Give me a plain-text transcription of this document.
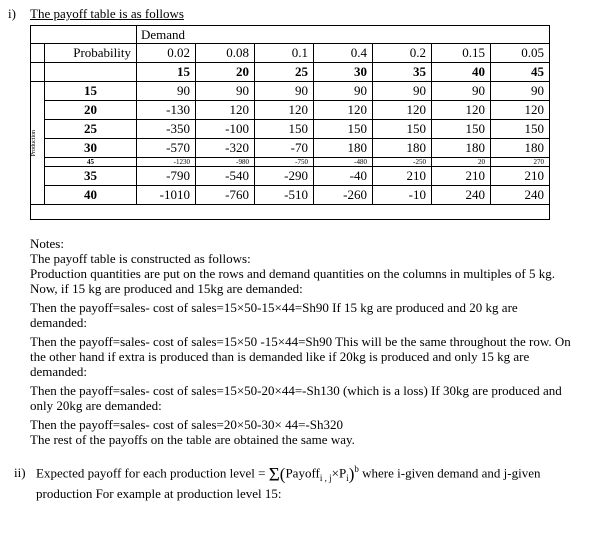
i)	The payoff table is as follows
		Demand						
	Probability	0.02	0.08	0.1	0.4	0.2	0.15	0.05
		15	20	25	30	35	40	45

Production	15	90	90	90	90	90	90	90
	20	-130	120	120	120	120	120	120
	25	-350	-100	150	150	150	150	150
	30	-570	-320	-70	180	180	180	180
	45	-1230	-980	-750	-480	-250	20	270
	35	-790	-540	-290	-40	210	210	210
	40	-1010	-760	-510	-260	-10	240	240

Notes:

The payoff table is constructed as follows:

Production quantities are put on the rows and demand quantities on the columns in multiples of 5 kg.

Now, if 15 kg are produced and 15kg are demanded:

Then the payoff=sales- cost of sales=15×50-15×44=Sh90 If 15 kg are produced and 20 kg are demanded:

Then the payoff=sales- cost of sales=15×50 -15×44=Sh90 This will be the same throughout the row. On the other hand if extra is produced than is demanded like if 20kg is produced and only 15 kg are demanded:

Then the payoff=sales- cost of sales=15×50-20×44=-Sh130 (which is a loss) If 30kg are produced and only 20kg are demanded:

Then the payoff=sales- cost of sales=20×50-30× 44=-Sh320

The rest of the payoffs on the table are obtained the same way.

ii) Expected payoff for each production level = $\Sigma(Payoff_{i , j}\times P_i)^b$ where i-given demand and j-given production For example at production level 15:
